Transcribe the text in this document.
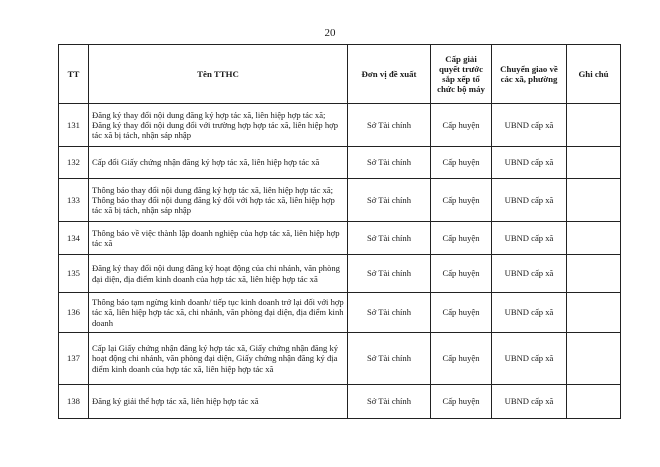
20
TT	Tên TTHC	Đơn vị đề xuất	Cấp giải quyết trước sắp xếp tổ chức bộ máy	Chuyển giao về các xã, phường	Ghi chú
131	Đăng ký thay đổi nội dung đăng ký hợp tác xã, liên hiệp hợp tác xã; Đăng ký thay đổi nội dung đổi với trường hợp hợp tác xã, liên hiệp hợp tác xã bị tách, nhận sáp nhập	Sở Tài chính	Cấp huyện	UBND cấp xã	
132	Cấp đổi Giấy chứng nhận đăng ký hợp tác xã, liên hiệp hợp tác xã	Sở Tài chính	Cấp huyện	UBND cấp xã	
133	Thông báo thay đổi nội dung đăng ký hợp tác xã, liên hiệp hợp tác xã; Thông báo thay đổi nội dung đăng ký đổi với hợp tác xã, liên hiệp hợp tác xã bị tách, nhận sáp nhập	Sở Tài chính	Cấp huyện	UBND cấp xã	
134	Thông báo về việc thành lập doanh nghiệp của hợp tác xã, liên hiệp hợp tác xã	Sở Tài chính	Cấp huyện	UBND cấp xã	
135	Đăng ký thay đổi nội dung đăng ký hoạt động của chi nhánh, văn phòng đại diện, địa điểm kinh doanh của hợp tác xã, liên hiệp hợp tác xã	Sở Tài chính	Cấp huyện	UBND cấp xã	
136	Thông báo tạm ngừng kinh doanh/ tiếp tục kinh doanh trở lại đối với hợp tác xã, liên hiệp hợp tác xã, chi nhánh, văn phòng đại diện, địa điểm kinh doanh	Sở Tài chính	Cấp huyện	UBND cấp xã	
137	Cấp lại Giấy chứng nhận đăng ký hợp tác xã, Giấy chứng nhận đăng ký hoạt động chi nhánh, văn phòng đại diện, Giấy chứng nhận đăng ký địa điểm kinh doanh của hợp tác xã, liên hiệp hợp tác xã	Sở Tài chính	Cấp huyện	UBND cấp xã	
138	Đăng ký giải thể hợp tác xã, liên hiệp hợp tác xã	Sở Tài chính	Cấp huyện	UBND cấp xã	
